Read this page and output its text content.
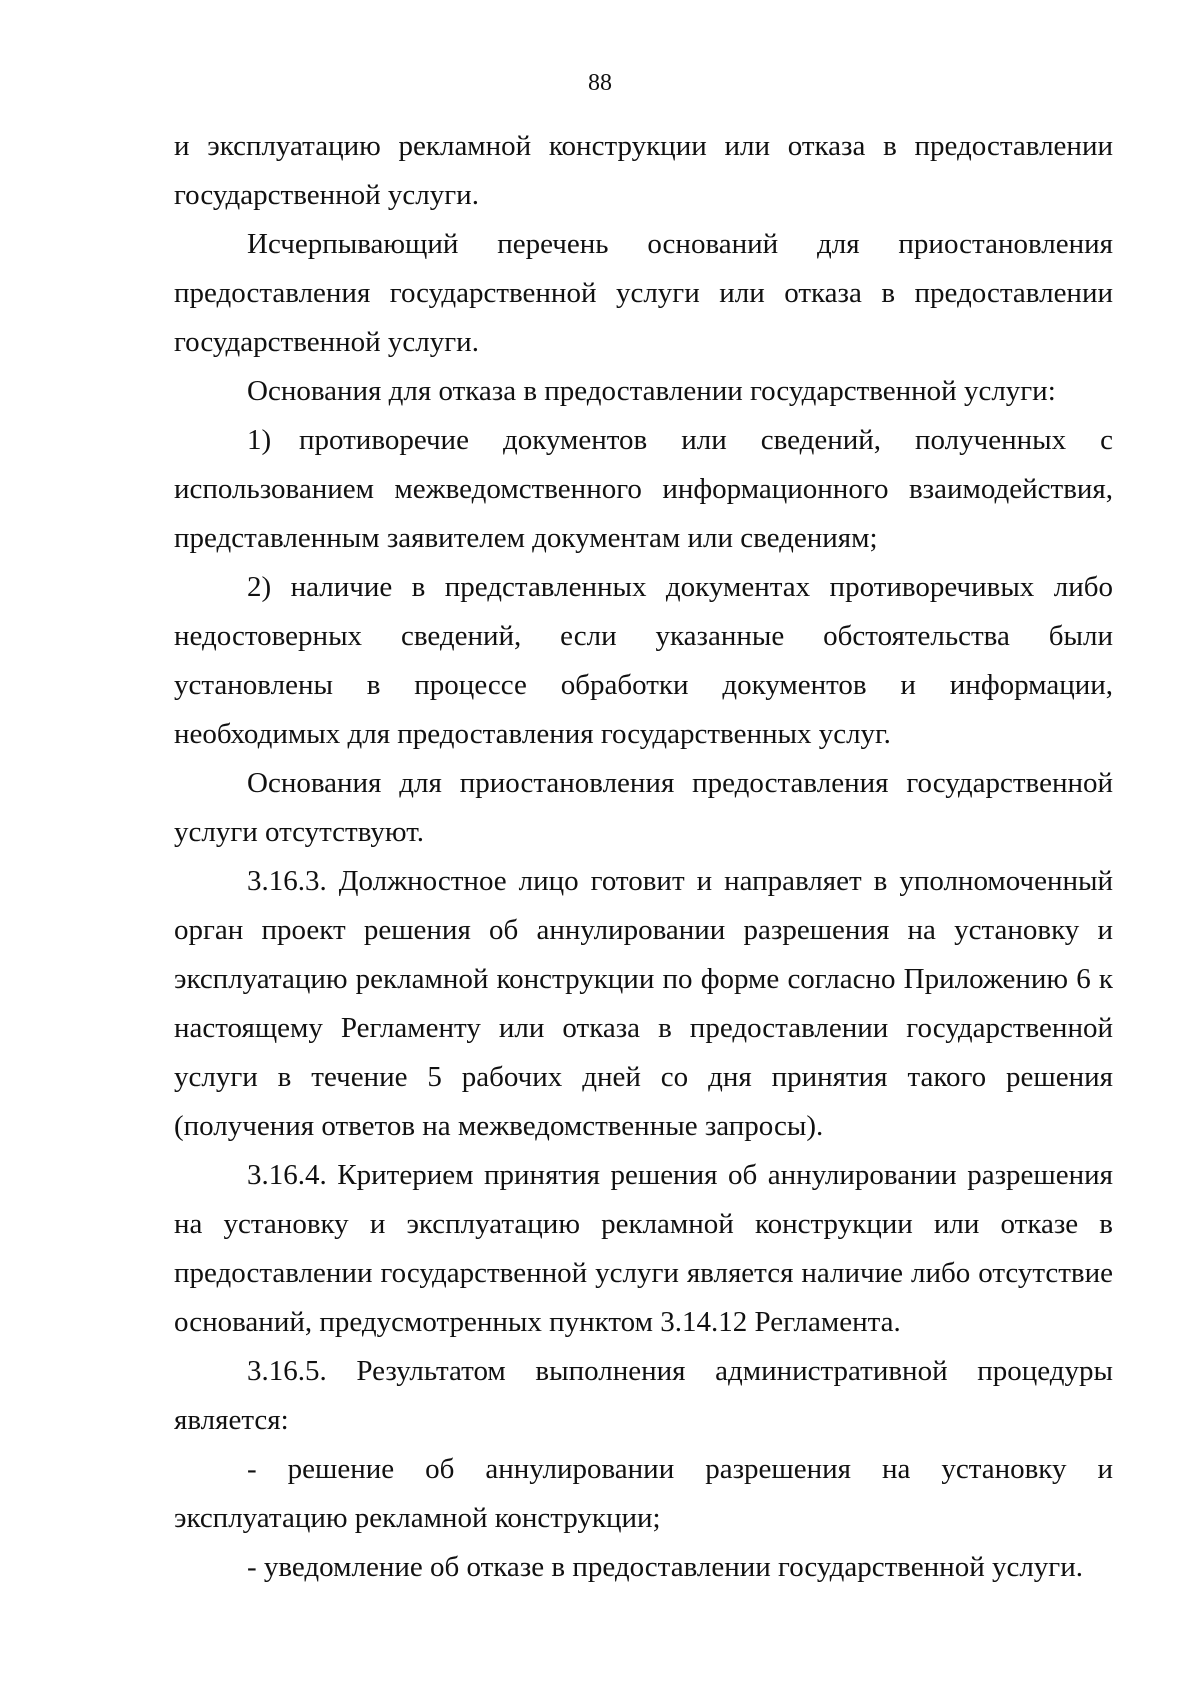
88

и эксплуатацию рекламной конструкции или отказа в предоставлении государственной услуги.

Исчерпывающий перечень оснований для приостановления предоставления государственной услуги или отказа в предоставлении государственной услуги.

Основания для отказа в предоставлении государственной услуги:

1) противоречие документов или сведений, полученных с использованием межведомственного информационного взаимодействия, представленным заявителем документам или сведениям;

2) наличие в представленных документах противоречивых либо недостоверных сведений, если указанные обстоятельства были установлены в процессе обработки документов и информации, необходимых для предоставления государственных услуг.

Основания для приостановления предоставления государственной услуги отсутствуют.

3.16.3. Должностное лицо готовит и направляет в уполномоченный орган проект решения об аннулировании разрешения на установку и эксплуатацию рекламной конструкции по форме согласно Приложению 6 к настоящему Регламенту или отказа в предоставлении государственной услуги в течение 5 рабочих дней со дня принятия такого решения (получения ответов на межведомственные запросы).

3.16.4. Критерием принятия решения об аннулировании разрешения на установку и эксплуатацию рекламной конструкции или отказе в предоставлении государственной услуги является наличие либо отсутствие оснований, предусмотренных пунктом 3.14.12 Регламента.

3.16.5. Результатом выполнения административной процедуры является:

- решение об аннулировании разрешения на установку и эксплуатацию рекламной конструкции;

- уведомление об отказе в предоставлении государственной услуги.
